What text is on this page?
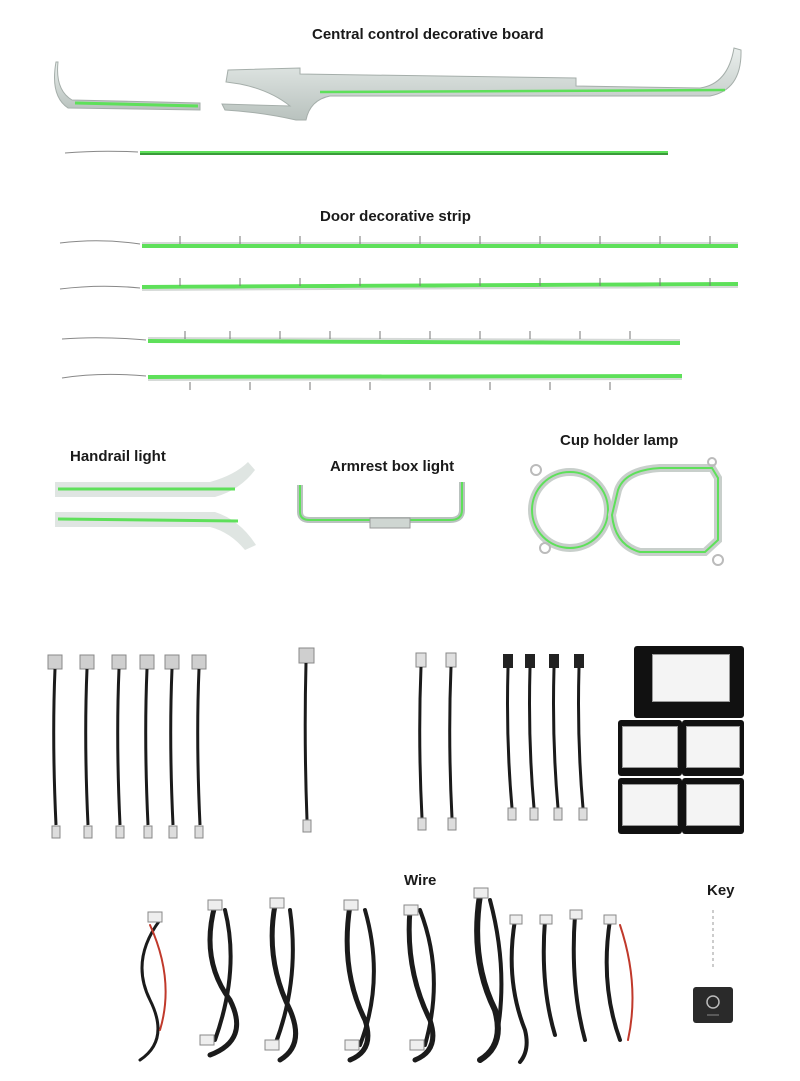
Central control decorative board
Door decorative strip
Handrail light
Armrest box light
Cup holder lamp
Wire
Key
